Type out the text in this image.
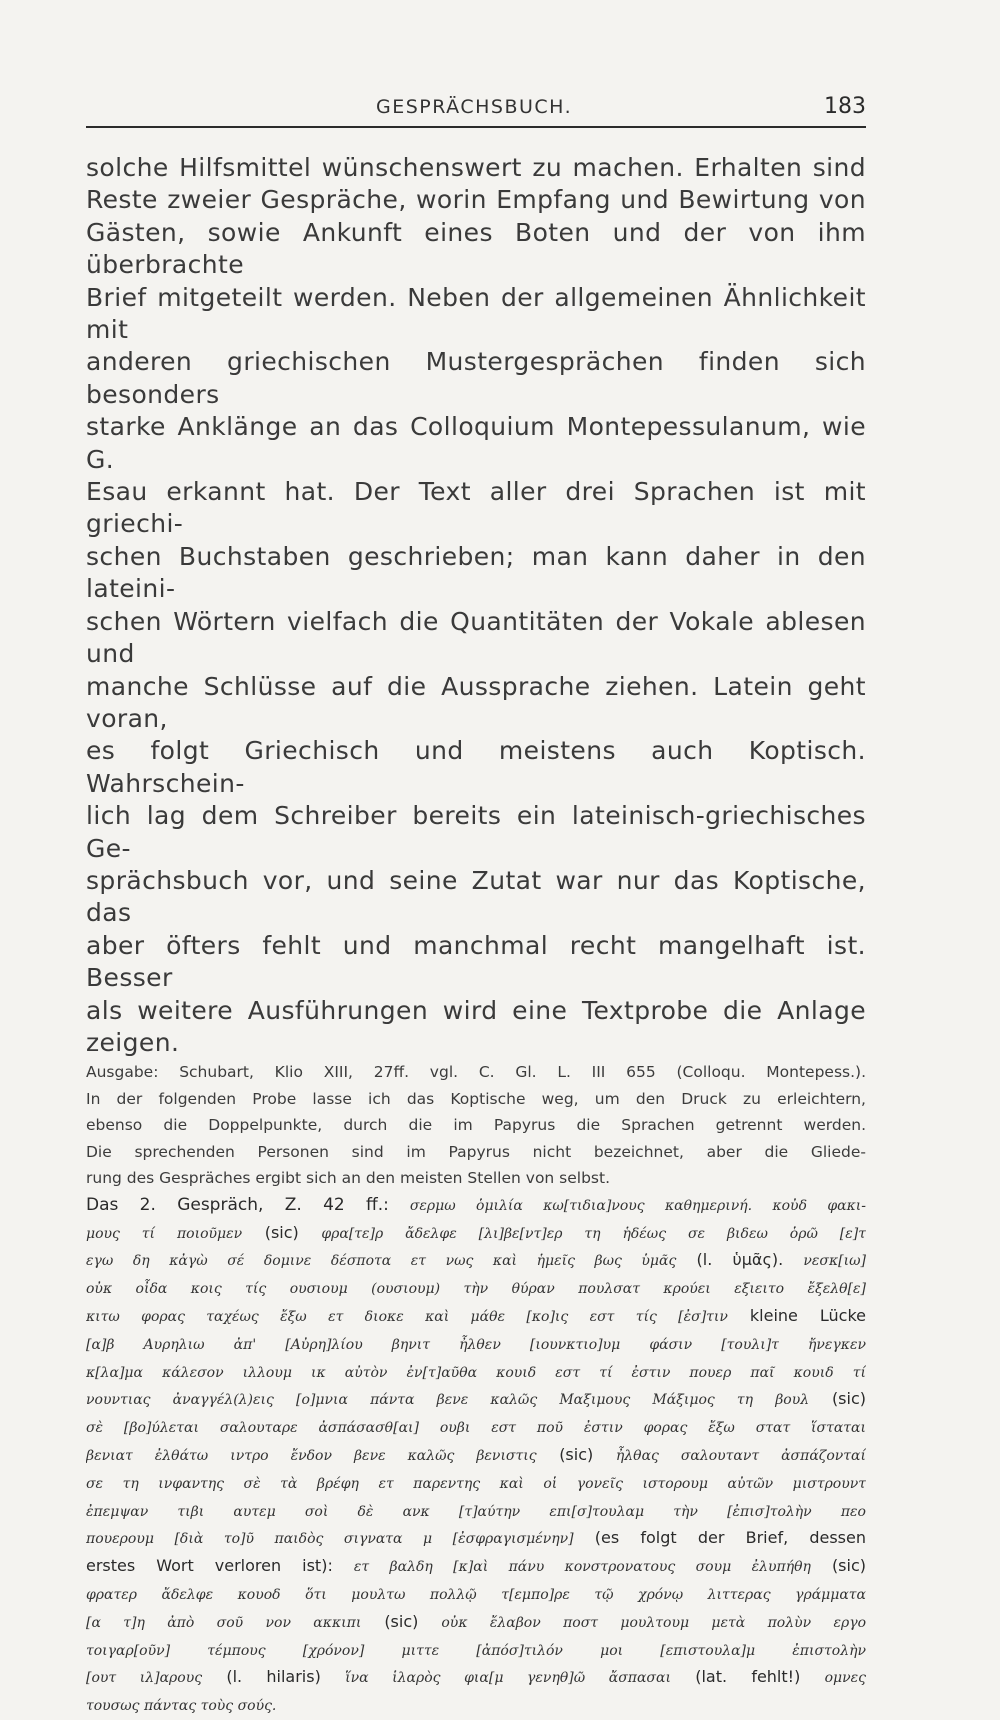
GESPRÄCHSBUCH.	183
solche Hilfsmittel wünschenswert zu machen. Erhalten sind
Reste zweier Gespräche, worin Empfang und Bewirtung von
Gästen, sowie Ankunft eines Boten und der von ihm überbrachte
Brief mitgeteilt werden. Neben der allgemeinen Ähnlichkeit mit
anderen griechischen Mustergesprächen finden sich besonders
starke Anklänge an das Colloquium Montepessulanum, wie G.
Esau erkannt hat. Der Text aller drei Sprachen ist mit griechi-
schen Buchstaben geschrieben; man kann daher in den lateini-
schen Wörtern vielfach die Quantitäten der Vokale ablesen und
manche Schlüsse auf die Aussprache ziehen. Latein geht voran,
es folgt Griechisch und meistens auch Koptisch. Wahrschein-
lich lag dem Schreiber bereits ein lateinisch-griechisches Ge-
sprächsbuch vor, und seine Zutat war nur das Koptische, das
aber öfters fehlt und manchmal recht mangelhaft ist. Besser
als weitere Ausführungen wird eine Textprobe die Anlage zeigen.
Ausgabe: Schubart, Klio XIII, 27ff. vgl. C. Gl. L. III 655 (Colloqu. Montepess.).
In der folgenden Probe lasse ich das Koptische weg, um den Druck zu erleichtern,
ebenso die Doppelpunkte, durch die im Papyrus die Sprachen getrennt werden.
Die sprechenden Personen sind im Papyrus nicht bezeichnet, aber die Gliede-
rung des Gespräches ergibt sich an den meisten Stellen von selbst.
Das 2. Gespräch, Z. 42 ff.: σερμω ὁμιλία κω[τιδια]νους καθημερινή. κοὐδ φακι-
μους τί ποιοῦμεν (sic) φρα[τε]ρ ἄδελφε [λι]βε[ντ]ερ τη ἡδέως σε βιδεω ὁρῶ [ε]τ
εγω δη κἀγὼ σέ δομινε δέσποτα ετ νως καὶ ἡμεῖς βως ὑμᾶς (l. ὑμᾶς). νεσκ[ιω]
οὐκ οἶδα κοις τίς ουσιουμ (ουσιουμ) τὴν θύραν πουλσατ κρούει εξιειτο ἔξελθ[ε]
κιτω φορας ταχέως ἔξω ετ διοκε καὶ μάθε [κο]ις εστ τίς [ἐσ]τιν kleine Lücke
[α]β Αυρηλιω ἀπ' [Αὐρη]λίου βηνιτ ἦλθεν [ιουνκτιο]υμ φάσιν [τουλι]τ ἤνεγκεν
κ[λα]μα κάλεσον ιλλουμ ικ αὐτὸν ἐν[τ]αῦθα κουιδ εστ τί ἐστιν πουερ παῖ κουιδ τί
νουντιας ἀναγγέλ(λ)εις [ο]μνια πάντα βενε καλῶς Μαξιμους Μάξιμος τη βουλ (sic)
σὲ [βο]ύλεται σαλουταρε ἀσπάσασθ[αι] ουβι εστ ποῦ ἐστιν φορας ἔξω στατ ἵσταται
βενιατ ἐλθάτω ιντρο ἔνδον βενε καλῶς βενιστις (sic) ἦλθας σαλουταντ ἀσπάζονταί
σε τη ινφαντης σὲ τὰ βρέφη ετ παρεντης καὶ οἱ γονεῖς ιστορουμ αὐτῶν μιστρουντ
ἐπεμψαν τιβι αυτεμ σοὶ δὲ ανκ [τ]αύτην επι[σ]τουλαμ τὴν [ἐπισ]τολὴν πεο
πουερουμ [διὰ το]ῦ παιδὸς σιγνατα μ [ἐσφραγισμένην] (es folgt der Brief, dessen
erstes Wort verloren ist): ετ βαλδη [κ]αὶ πάνυ κονστρονατους σουμ ἐλυπήθη (sic)
φρατερ ἄδελφε κουοδ ὅτι μουλτω πολλῷ τ[εμπο]ρε τῷ χρόνῳ λιττερας γράμματα
[α τ]η ἀπὸ σοῦ νον ακκιπι (sic) οὐκ ἔλαβον ποστ μουλτουμ μετὰ πολὺν εργο
τοιγαρ[οῦν] τέμπους [χρόνον] μιττε [ἀπόσ]τιλόν μοι [επιστουλα]μ ἐπιστολὴν
[ουτ ιλ]αρους (l. hilaris) ἵνα ἱλαρὸς φια[μ γενηθ]ῶ ἄσπασαι (lat. fehlt!) ομνες
τουσως πάντας τοὺς σούς.
